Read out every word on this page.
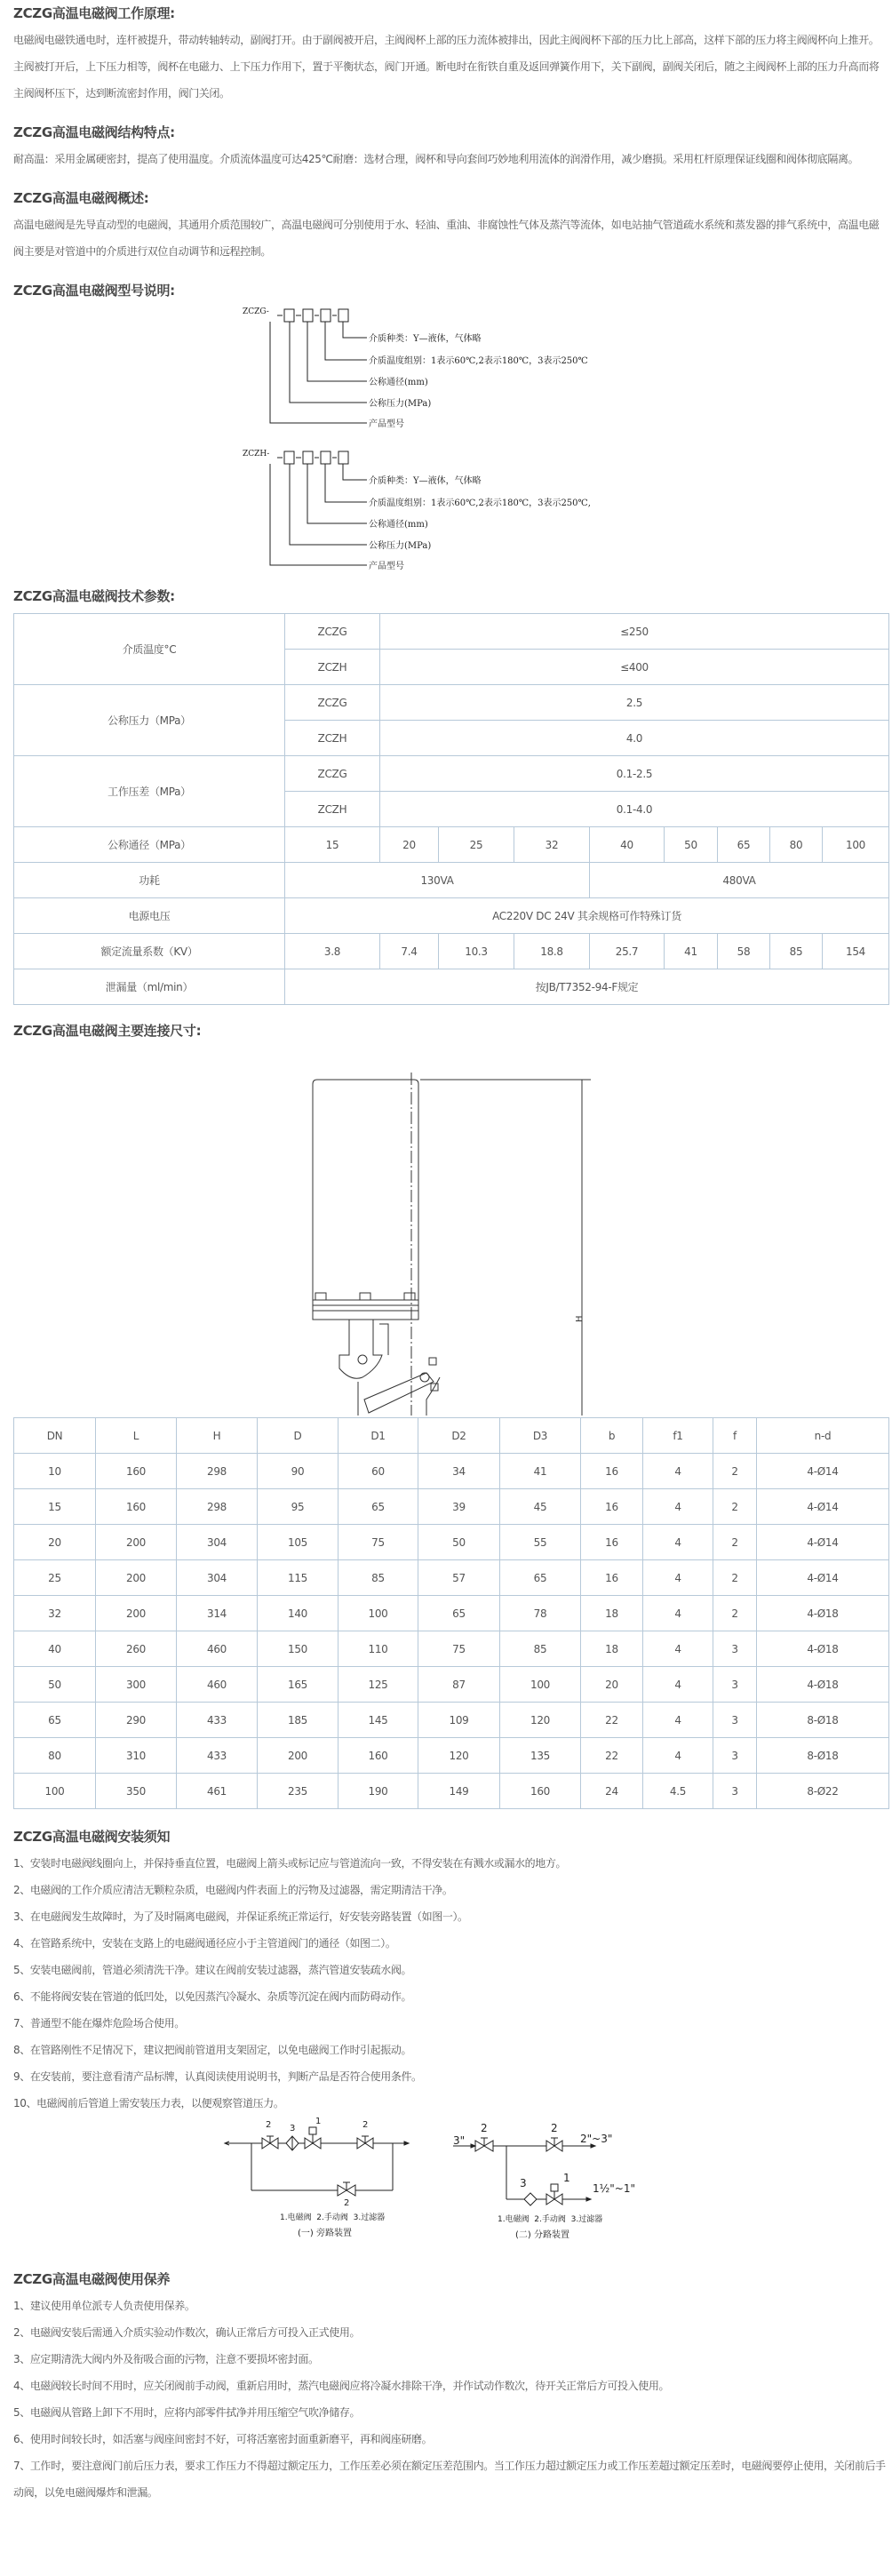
ZCZG高温电磁阀工作原理:

电磁阀电磁铁通电时，连杆被提升，带动转轴转动，副阀打开。由于副阀被开启，主阀阀杯上部的压力流体被排出，因此主阀阀杯下部的压力比上部高，这样下部的压力将主阀阀杯向上推开。主阀被打开后，上下压力相等，阀杯在电磁力、上下压力作用下，置于平衡状态，阀门开通。断电时在衔铁自重及返回弹簧作用下，关下副阀，副阀关闭后，随之主阀阀杯上部的压力升高而将主阀阀杯压下，达到断流密封作用，阀门关闭。

ZCZG高温电磁阀结构特点:

耐高温：采用金属硬密封，提高了使用温度。介质流体温度可达425℃耐磨：选材合理，阀杯和导向套间巧妙地利用流体的润滑作用，减少磨损。采用杠杆原理保证线圈和阀体彻底隔离。

ZCZG高温电磁阀概述:

高温电磁阀是先导直动型的电磁阀，其通用介质范围较广，高温电磁阀可分别使用于水、轻油、重油、非腐蚀性气体及蒸汽等流体，如电站抽气管道疏水系统和蒸发器的排气系统中，高温电磁阀主要是对管道中的介质进行双位自动调节和远程控制。

ZCZG高温电磁阀型号说明:
ZCZG-
介质种类：Y—液体，气体略
介质温度组别：1表示60℃,2表示180℃，3表示250℃
公称通径(mm)
公称压力(MPa)
产品型号
ZCZH-
介质种类：Y—液体，气体略
介质温度组别：1表示60℃,2表示180℃，3表示250℃,
公称通径(mm)
公称压力(MPa)
产品型号
ZCZG高温电磁阀技术参数:
介质温度°C	ZCZG	≤250							
	ZCZH	≤400							
公称压力（MPa）	ZCZG	2.5							
	ZCZH	4.0							
工作压差（MPa）	ZCZG	0.1-2.5							
	ZCZH	0.1-4.0							
公称通径（MPa）	15	20	25	32	40	50	65	80	100
功耗	130VA				480VA				
电源电压	AC220V DC 24V 其余规格可作特殊订货								
额定流量系数（KV）	3.8	7.4	10.3	18.8	25.7	41	58	85	154
泄漏量（ml/min）	按JB/T7352-94-F规定								
ZCZG高温电磁阀主要连接尺寸:
H
DN	L	H	D	D1	D2	D3	b	f1	f	n-d
10	160	298	90	60	34	41	16	4	2	4-Ø14
15	160	298	95	65	39	45	16	4	2	4-Ø14
20	200	304	105	75	50	55	16	4	2	4-Ø14
25	200	304	115	85	57	65	16	4	2	4-Ø14
32	200	314	140	100	65	78	18	4	2	4-Ø18
40	260	460	150	110	75	85	18	4	3	4-Ø18
50	300	460	165	125	87	100	20	4	3	4-Ø18
65	290	433	185	145	109	120	22	4	3	8-Ø18
80	310	433	200	160	120	135	22	4	3	8-Ø18
100	350	461	235	190	149	160	24	4.5	3	8-Ø22
ZCZG高温电磁阀安装须知
1、安装时电磁阀线圈向上，并保持垂直位置，电磁阀上箭头或标记应与管道流向一致，不得安装在有溅水或漏水的地方。
2、电磁阀的工作介质应清洁无颗粒杂质，电磁阀内件表面上的污物及过滤器，需定期清洁干净。
3、在电磁阀发生故障时，为了及时隔离电磁阀，并保证系统正常运行，好安装旁路装置（如图一）。
4、在管路系统中，安装在支路上的电磁阀通径应小于主管道阀门的通径（如图二）。
5、安装电磁阀前，管道必须清洗干净。建议在阀前安装过滤器，蒸汽管道安装疏水阀。
6、不能将阀安装在管道的低凹处，以免因蒸汽冷凝水、杂质等沉淀在阀内而防碍动作。
7、普通型不能在爆炸危险场合使用。
8、在管路刚性不足情况下，建议把阀前管道用支架固定，以免电磁阀工作时引起振动。
9、在安装前，要注意看清产品标牌，认真阅读使用说明书，判断产品是否符合使用条件。
10、电磁阀前后管道上需安装压力表，以便观察管道压力。
2 3
1	2
2
1.电磁阀  2.手动阀  3.过滤器
(一) 旁路装置
3"
2	2
2"~3"
3	1
1½"~1"
1.电磁阀  2.手动阀  3.过滤器
(二) 分路装置
ZCZG高温电磁阀使用保养
1、建议使用单位派专人负责使用保养。
2、电磁阀安装后需通入介质实验动作数次，确认正常后方可投入正式使用。
3、应定期清洗大阀内外及衔吸合面的污物，注意不要损坏密封面。
4、电磁阀较长时间不用时，应关闭阀前手动阀，重新启用时，蒸汽电磁阀应将冷凝水排除干净，并作试动作数次，待开关正常后方可投入使用。
5、电磁阀从管路上卸下不用时，应将内部零件拭净并用压缩空气吹净储存。
6、使用时间较长时，如活塞与阀座间密封不好，可将活塞密封面重新磨平，再和阀座研磨。
7、工作时，要注意阀门前后压力表，要求工作压力不得超过额定压力，工作压差必须在额定压差范围内。当工作压力超过额定压力或工作压差超过额定压差时，电磁阀要停止使用，关闭前后手动阀，以免电磁阀爆炸和泄漏。
